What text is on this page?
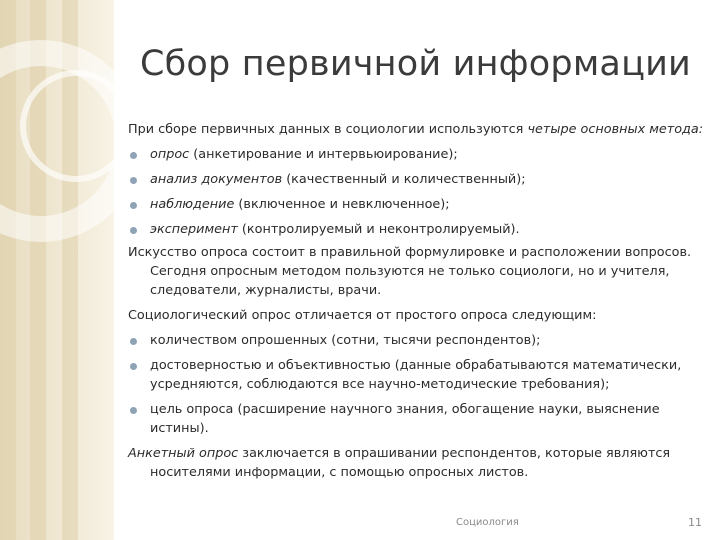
Сбор первичной информации

При сборе первичных данных в социологии используются четыре основных метода:

опрос (анкетирование и интервьюирование);
анализ документов (качественный и количественный);
наблюдение (включенное и невключенное);
эксперимент (контролируемый и неконтролируемый).

Искусство опроса состоит в правильной формулировке и расположении вопросов. Сегодня опросным методом пользуются не только социологи, но и учителя, следователи, журналисты, врачи.

Социологический опрос отличается от простого опроса следующим:

количеством опрошенных (сотни, тысячи респондентов);
достоверностью и объективностью (данные обрабатываются математически, усредняются, соблюдаются все научно-методические требования);
цель опроса (расширение научного знания, обогащение науки, выяснение истины).

Анкетный опрос заключается в опрашивании респондентов, которые являются носителями информации, с помощью опросных листов.

Социология	11
